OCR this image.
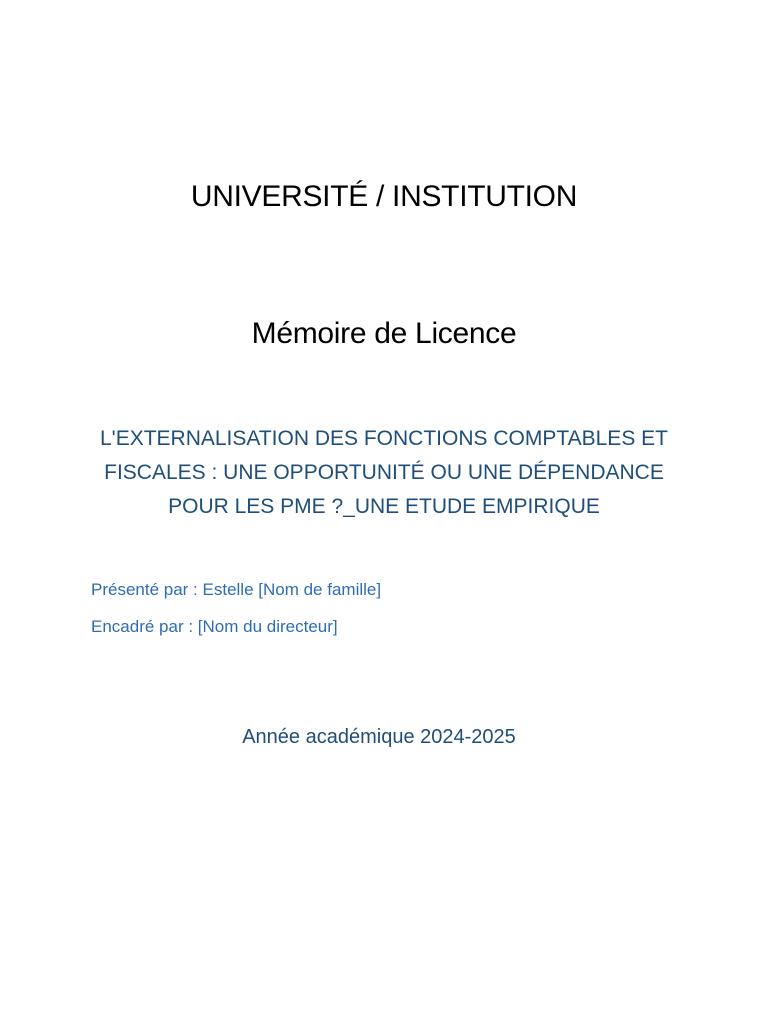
UNIVERSITÉ / INSTITUTION
Mémoire de Licence
L'EXTERNALISATION DES FONCTIONS COMPTABLES ET
FISCALES : UNE OPPORTUNITÉ OU UNE DÉPENDANCE
POUR LES PME ?_UNE ETUDE EMPIRIQUE
Présenté par : Estelle [Nom de famille]
Encadré par : [Nom du directeur]
Année académique 2024-2025
